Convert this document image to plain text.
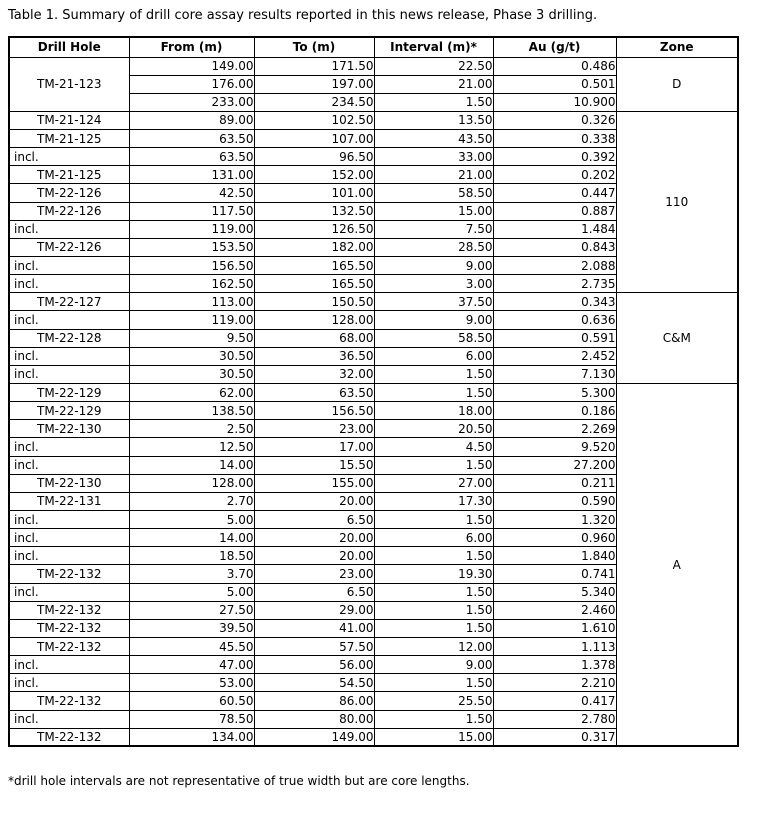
Table 1. Summary of drill core assay results reported in this news release, Phase 3 drilling.

Drill Hole	From (m)	To (m)	Interval (m)*	Au (g/t)	Zone
TM-21-123	149.00	171.50	22.50	0.486	D
	176.00	197.00	21.00	0.501	
	233.00	234.50	1.50	10.900	
TM-21-124	89.00	102.50	13.50	0.326	110
TM-21-125	63.50	107.00	43.50	0.338	
incl.	63.50	96.50	33.00	0.392	
TM-21-125	131.00	152.00	21.00	0.202	
TM-22-126	42.50	101.00	58.50	0.447	
TM-22-126	117.50	132.50	15.00	0.887	
incl.	119.00	126.50	7.50	1.484	
TM-22-126	153.50	182.00	28.50	0.843	
incl.	156.50	165.50	9.00	2.088	
incl.	162.50	165.50	3.00	2.735	
TM-22-127	113.00	150.50	37.50	0.343	C&M
incl.	119.00	128.00	9.00	0.636	
TM-22-128	9.50	68.00	58.50	0.591	
incl.	30.50	36.50	6.00	2.452	
incl.	30.50	32.00	1.50	7.130	
TM-22-129	62.00	63.50	1.50	5.300	A
TM-22-129	138.50	156.50	18.00	0.186	
TM-22-130	2.50	23.00	20.50	2.269	
incl.	12.50	17.00	4.50	9.520	
incl.	14.00	15.50	1.50	27.200	
TM-22-130	128.00	155.00	27.00	0.211	
TM-22-131	2.70	20.00	17.30	0.590	
incl.	5.00	6.50	1.50	1.320	
incl.	14.00	20.00	6.00	0.960	
incl.	18.50	20.00	1.50	1.840	
TM-22-132	3.70	23.00	19.30	0.741	
incl.	5.00	6.50	1.50	5.340	
TM-22-132	27.50	29.00	1.50	2.460	
TM-22-132	39.50	41.00	1.50	1.610	
TM-22-132	45.50	57.50	12.00	1.113	
incl.	47.00	56.00	9.00	1.378	
incl.	53.00	54.50	1.50	2.210	
TM-22-132	60.50	86.00	25.50	0.417	
incl.	78.50	80.00	1.50	2.780	
TM-22-132	134.00	149.00	15.00	0.317	

*drill hole intervals are not representative of true width but are core lengths.
